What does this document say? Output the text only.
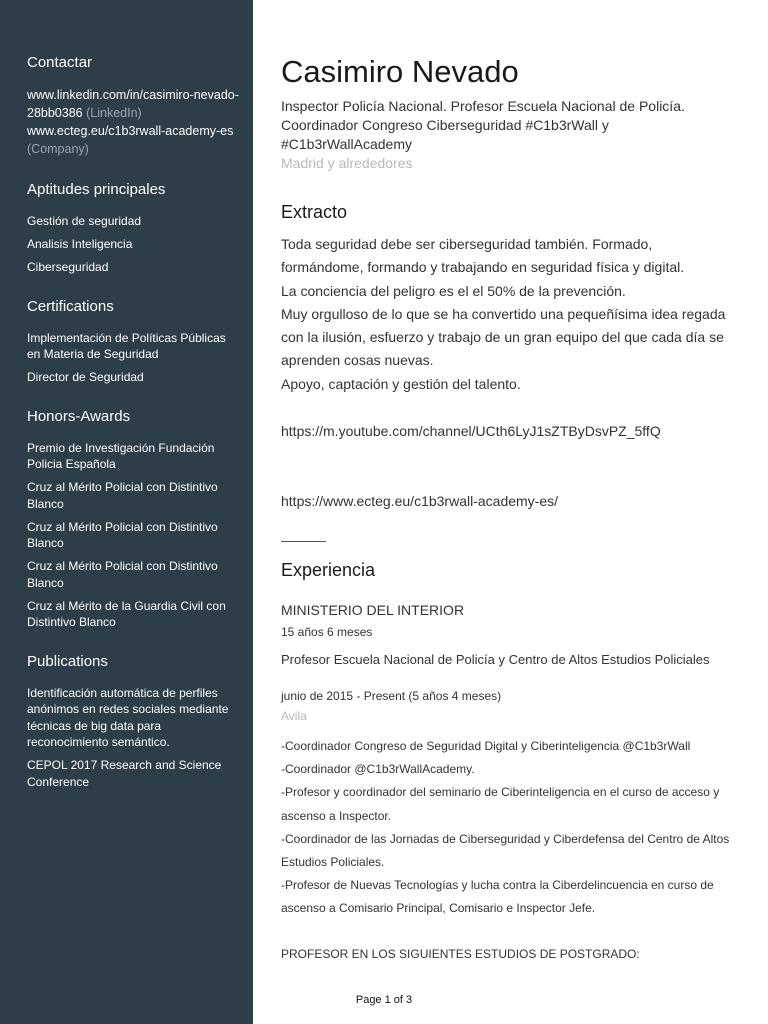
Contactar
www.linkedin.com/in/casimiro-nevado-28bb0386 (LinkedIn)
www.ecteg.eu/c1b3rwall-academy-es (Company)
Aptitudes principales
Gestión de seguridad
Analisis Inteligencia
Ciberseguridad
Certifications
Implementación de Políticas Públicas en Materia de Seguridad
Director de Seguridad
Honors-Awards
Premio de Investigación Fundación Policia Española
Cruz al Mérito Policial con Distintivo Blanco
Cruz al Mérito Policial con Distintivo Blanco
Cruz al Mérito Policial con Distintivo Blanco
Cruz al Mérito de la Guardia Civil con Distintivo Blanco
Publications
Identificación automática de perfiles anónimos en redes sociales mediante técnicas de big data para reconocimiento semántico.
CEPOL 2017 Research and Science Conference
Casimiro Nevado
Inspector Policía Nacional. Profesor Escuela Nacional de Policía. Coordinador Congreso Ciberseguridad #C1b3rWall y #C1b3rWallAcademy
Madrid y alrededores
Extracto

Toda seguridad debe ser ciberseguridad también. Formado, formándome, formando y trabajando en seguridad física y digital.

La conciencia del peligro es el el 50% de la prevención.

Muy orgulloso de lo que se ha convertido una pequeñísima idea regada con la ilusión, esfuerzo y trabajo de un gran equipo del que cada día se aprenden cosas nuevas.

Apoyo, captación y gestión del talento.

https://m.youtube.com/channel/UCth6LyJ1sZTByDsvPZ_5ffQ
https://www.ecteg.eu/c1b3rwall-academy-es/
Experiencia
MINISTERIO DEL INTERIOR
15 años 6 meses
Profesor Escuela Nacional de Policía y Centro de Altos Estudios Policiales
junio de 2015 - Present (5 años 4 meses)
Avila

-Coordinador Congreso de Seguridad Digital y Ciberinteligencia @C1b3rWall

-Coordinador @C1b3rWallAcademy.

-Profesor y coordinador del seminario de Ciberinteligencia en el curso de acceso y ascenso a Inspector.

-Coordinador de las Jornadas de Ciberseguridad y Ciberdefensa del Centro de Altos Estudios Policiales.

-Profesor de Nuevas Tecnologías y lucha contra la Ciberdelincuencia en curso de ascenso a Comisario Principal, Comisario e Inspector Jefe.

PROFESOR EN LOS SIGUIENTES ESTUDIOS DE POSTGRADO:
Page 1 of 3
